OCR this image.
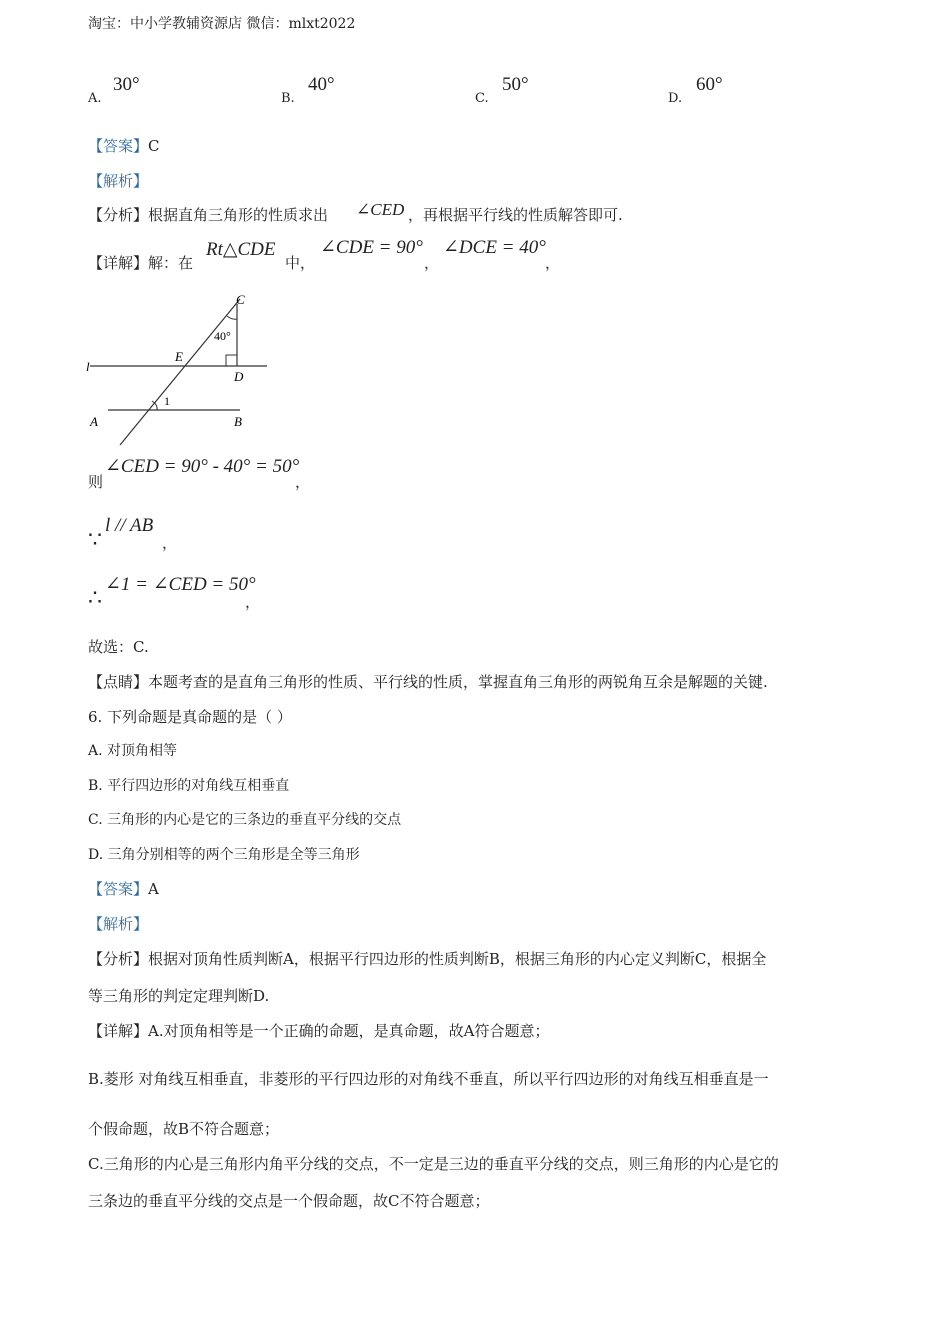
淘宝：中小学教辅资源店 微信：mlxt2022
A.
30°
B.
40°
C.
50°
D.
60°
【答案】C
【解析】
【分析】根据直角三角形的性质求出 ∠CED ，再根据平行线的性质解答即可.
【详解】解：在
Rt△CDE
中，
∠CDE = 90°
，
∠DCE = 40°
，
C
40°
E
l
D
1
A	B
则
∠CED = 90° - 40° = 50°
，
∵
l // AB
，
∴
∠1 = ∠CED = 50°
，
故选：C.
【点睛】本题考查的是直角三角形的性质、平行线的性质，掌握直角三角形的两锐角互余是解题的关键.
6. 下列命题是真命题的是（ ）
A. 对顶角相等
B. 平行四边形的对角线互相垂直
C. 三角形的内心是它的三条边的垂直平分线的交点
D. 三角分别相等的两个三角形是全等三角形
【答案】A
【解析】
【分析】根据对顶角性质判断A，根据平行四边形的性质判断B，根据三角形的内心定义判断C，根据全
等三角形的判定定理判断D.
【详解】A.对顶角相等是一个正确的命题，是真命题，故A符合题意；
B.菱形 对角线互相垂直，非菱形的平行四边形的对角线不垂直，所以平行四边形的对角线互相垂直是一
个假命题，故B不符合题意；
C.三角形的内心是三角形内角平分线的交点，不一定是三边的垂直平分线的交点，则三角形的内心是它的
三条边的垂直平分线的交点是一个假命题，故C不符合题意；
